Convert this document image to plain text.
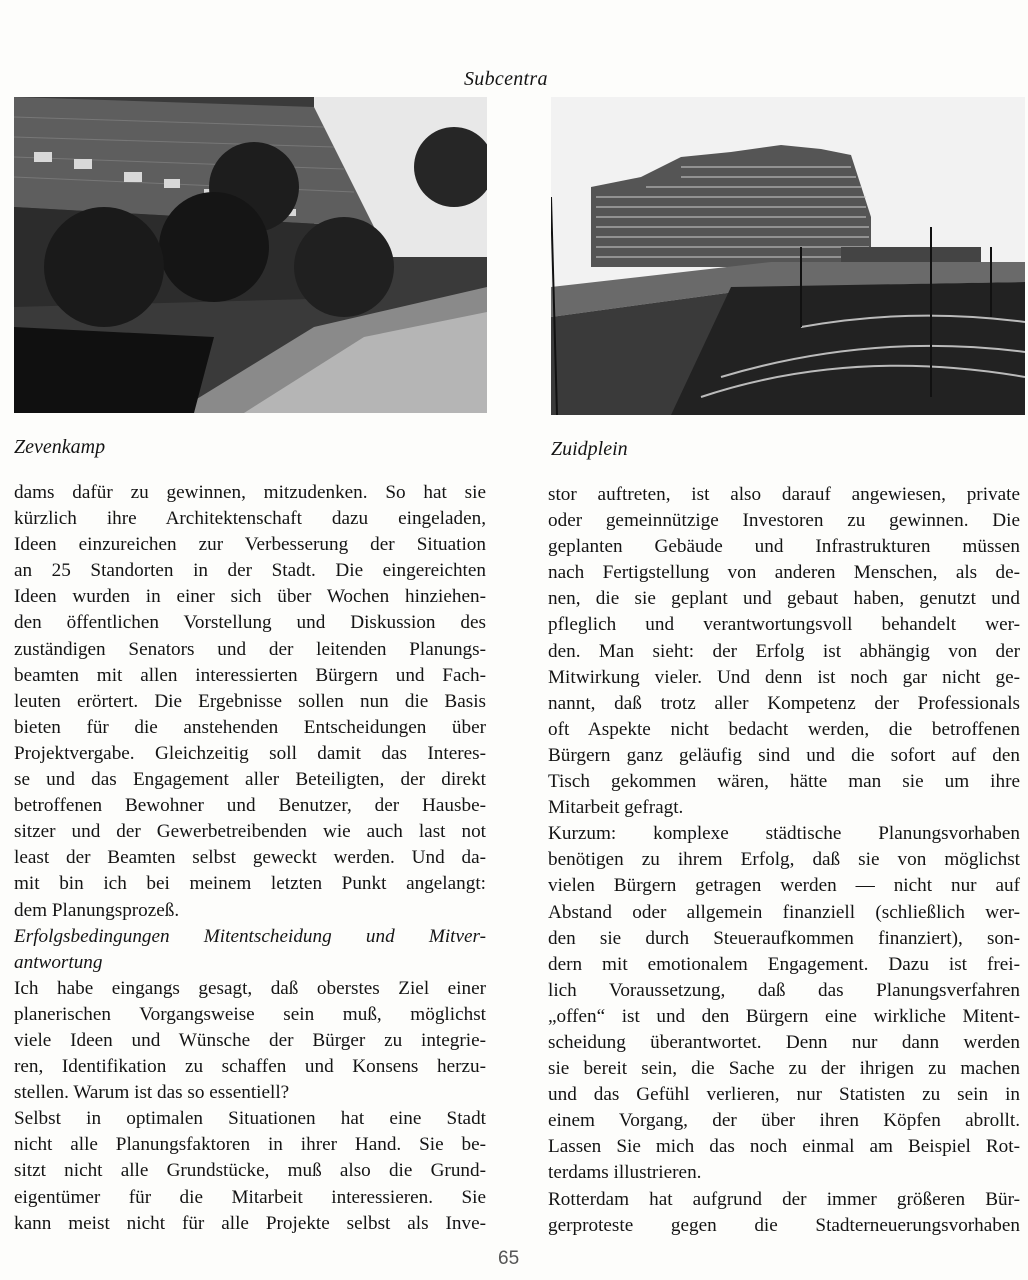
Subcentra
Zevenkamp	Zuidplein
dams dafür zu gewinnen, mitzudenken. So hat sie
kürzlich ihre Architektenschaft dazu eingeladen,
Ideen einzureichen zur Verbesserung der Situation
an 25 Standorten in der Stadt. Die eingereichten
Ideen wurden in einer sich über Wochen hinziehen-
den öffentlichen Vorstellung und Diskussion des
zuständigen Senators und der leitenden Planungs-
beamten mit allen interessierten Bürgern und Fach-
leuten erörtert. Die Ergebnisse sollen nun die Basis
bieten für die anstehenden Entscheidungen über
Projektvergabe. Gleichzeitig soll damit das Interes-
se und das Engagement aller Beteiligten, der direkt
betroffenen Bewohner und Benutzer, der Hausbe-
sitzer und der Gewerbetreibenden wie auch last not
least der Beamten selbst geweckt werden. Und da-
mit bin ich bei meinem letzten Punkt angelangt:
dem Planungsprozeß.
Erfolgsbedingungen Mitentscheidung und Mitver-
antwortung
Ich habe eingangs gesagt, daß oberstes Ziel einer
planerischen Vorgangsweise sein muß, möglichst
viele Ideen und Wünsche der Bürger zu integrie-
ren, Identifikation zu schaffen und Konsens herzu-
stellen. Warum ist das so essentiell?
Selbst in optimalen Situationen hat eine Stadt
nicht alle Planungsfaktoren in ihrer Hand. Sie be-
sitzt nicht alle Grundstücke, muß also die Grund-
eigentümer für die Mitarbeit interessieren. Sie
kann meist nicht für alle Projekte selbst als Inve-
stor auftreten, ist also darauf angewiesen, private
oder gemeinnützige Investoren zu gewinnen. Die
geplanten Gebäude und Infrastrukturen müssen
nach Fertigstellung von anderen Menschen, als de-
nen, die sie geplant und gebaut haben, genutzt und
pfleglich und verantwortungsvoll behandelt wer-
den. Man sieht: der Erfolg ist abhängig von der
Mitwirkung vieler. Und denn ist noch gar nicht ge-
nannt, daß trotz aller Kompetenz der Professionals
oft Aspekte nicht bedacht werden, die betroffenen
Bürgern ganz geläufig sind und die sofort auf den
Tisch gekommen wären, hätte man sie um ihre
Mitarbeit gefragt.
Kurzum: komplexe städtische Planungsvorhaben
benötigen zu ihrem Erfolg, daß sie von möglichst
vielen Bürgern getragen werden — nicht nur auf
Abstand oder allgemein finanziell (schließlich wer-
den sie durch Steueraufkommen finanziert), son-
dern mit emotionalem Engagement. Dazu ist frei-
lich Voraussetzung, daß das Planungsverfahren
„offen“ ist und den Bürgern eine wirkliche Mitent-
scheidung überantwortet. Denn nur dann werden
sie bereit sein, die Sache zu der ihrigen zu machen
und das Gefühl verlieren, nur Statisten zu sein in
einem Vorgang, der über ihren Köpfen abrollt.
Lassen Sie mich das noch einmal am Beispiel Rot-
terdams illustrieren.
Rotterdam hat aufgrund der immer größeren Bür-
gerproteste gegen die Stadterneuerungsvorhaben
65
